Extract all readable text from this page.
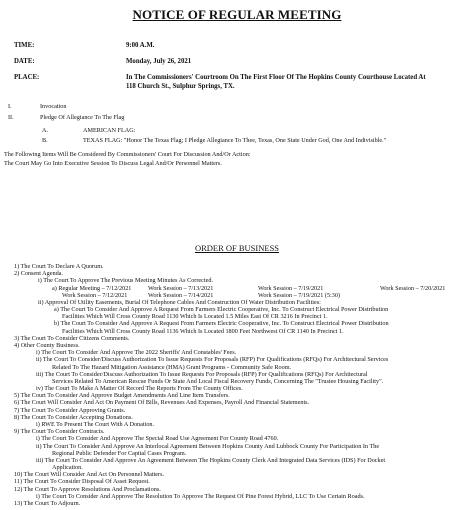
NOTICE OF REGULAR MEETING
TIME:	9:00 A.M.
DATE:	Monday, July 26, 2021
PLACE:	In The Commissioners' Courtroom On The First Floor Of The Hopkins County Courthouse Located At
118 Church St., Sulphur Springs, TX.
I.	Invocation
II.	Pledge Of Allegiance To The Flag
A.	AMERICAN FLAG:
B.	TEXAS FLAG: "Honor The Texas Flag; I Pledge Allegiance To Thee, Texas, One State Under God, One And Indivisible."
The Following Items Will Be Considered By Commissioners' Court For Discussion And/Or Action:
The Court May Go Into Executive Session To Discuss Legal And/Or Personnel Matters.
ORDER OF BUSINESS
1) The Court To Declare A Quorum.
2) Consent Agenda.
i) The Court To Approve The Previous Meeting Minutes As Corrected.
a) Regular Meeting – 7/12/2021	Work Session – 7/13/2021	Work Session – 7/19/2021	Work Session – 7/20/2021
Work Session – 7/12/2021	Work Session – 7/14/2021	Work Session – 7/19/2021 (5:30)
ii) Approval Of Utility Easements, Burial Of Telephone Cables And Construction Of Water Distribution Facilities:
a) The Court To Consider And Approve A Request From Farmers Electric Cooperative, Inc. To Construct Electrical Power Distribution
Facilities Which Will Cross County Road 1130 Which Is Located 1.5 Miles East Of CR 3216 In Precinct 1.
b) The Court To Consider And Approve A Request From Farmers Electric Cooperative, Inc. To Construct Electrical Power Distribution
Facilities Which Will Cross County Road 1136 Which Is Located 1800 Feet Northwest Of CR 1140 In Precinct 1.
3) The Court To Consider Citizens Comments.
4) Other County Business.
i) The Court To Consider And Approve The 2022 Sheriffs' And Constables' Fees.
ii) The Court To Consider/Discuss Authorization To Issue Requests For Proposals (RFP) For Qualifications (RFQs) For Architectural Services
Related To The Hazard Mitigation Assistance (HMA) Grant Programs - Community Safe Room.
iii) The Court To Consider/Discuss Authorization To Issue Requests For Proposals (RFP) For Qualifications (RFQs) For Architectural
Services Related To American Rescue Funds Or State And Local Fiscal Recovery Funds, Concerning The "Trustee Housing Facility".
iv) The Court To Make A Matter Of Record The Reports From The County Offices.
5) The Court To Consider And Approve Budget Amendments And Line Item Transfers.
6) The Court Will Consider And Act On Payment Of Bills, Revenues And Expenses, Payroll And Financial Statements.
7) The Court To Consider Approving Grants.
8) The Court To Consider Accepting Donations.
i) RWE To Present The Court With A Donation.
9) The Court To Consider Contracts.
i) The Court To Consider And Approve The Special Road Use Agreement For County Road 4760.
ii) The Court To Consider And Approve An Interlocal Agreement Between Hopkins County And Lubbock County For Participation In The
Regional Public Defender For Capital Cases Program.
iii) The Court To Consider And Approve An Agreement Between The Hopkins County Clerk And Integrated Data Services (IDS) For Docket
Application.
10) The Court Will Consider And Act On Personnel Matters.
11) The Court To Consider Disposal Of Asset Request.
12) The Court To Approve Resolutions And Proclamations.
i) The Court To Consider And Approve The Resolution To Approve The Request Of Pine Forest Hybrid, LLC To Use Certain Roads.
13) The Court To Adjourn.
